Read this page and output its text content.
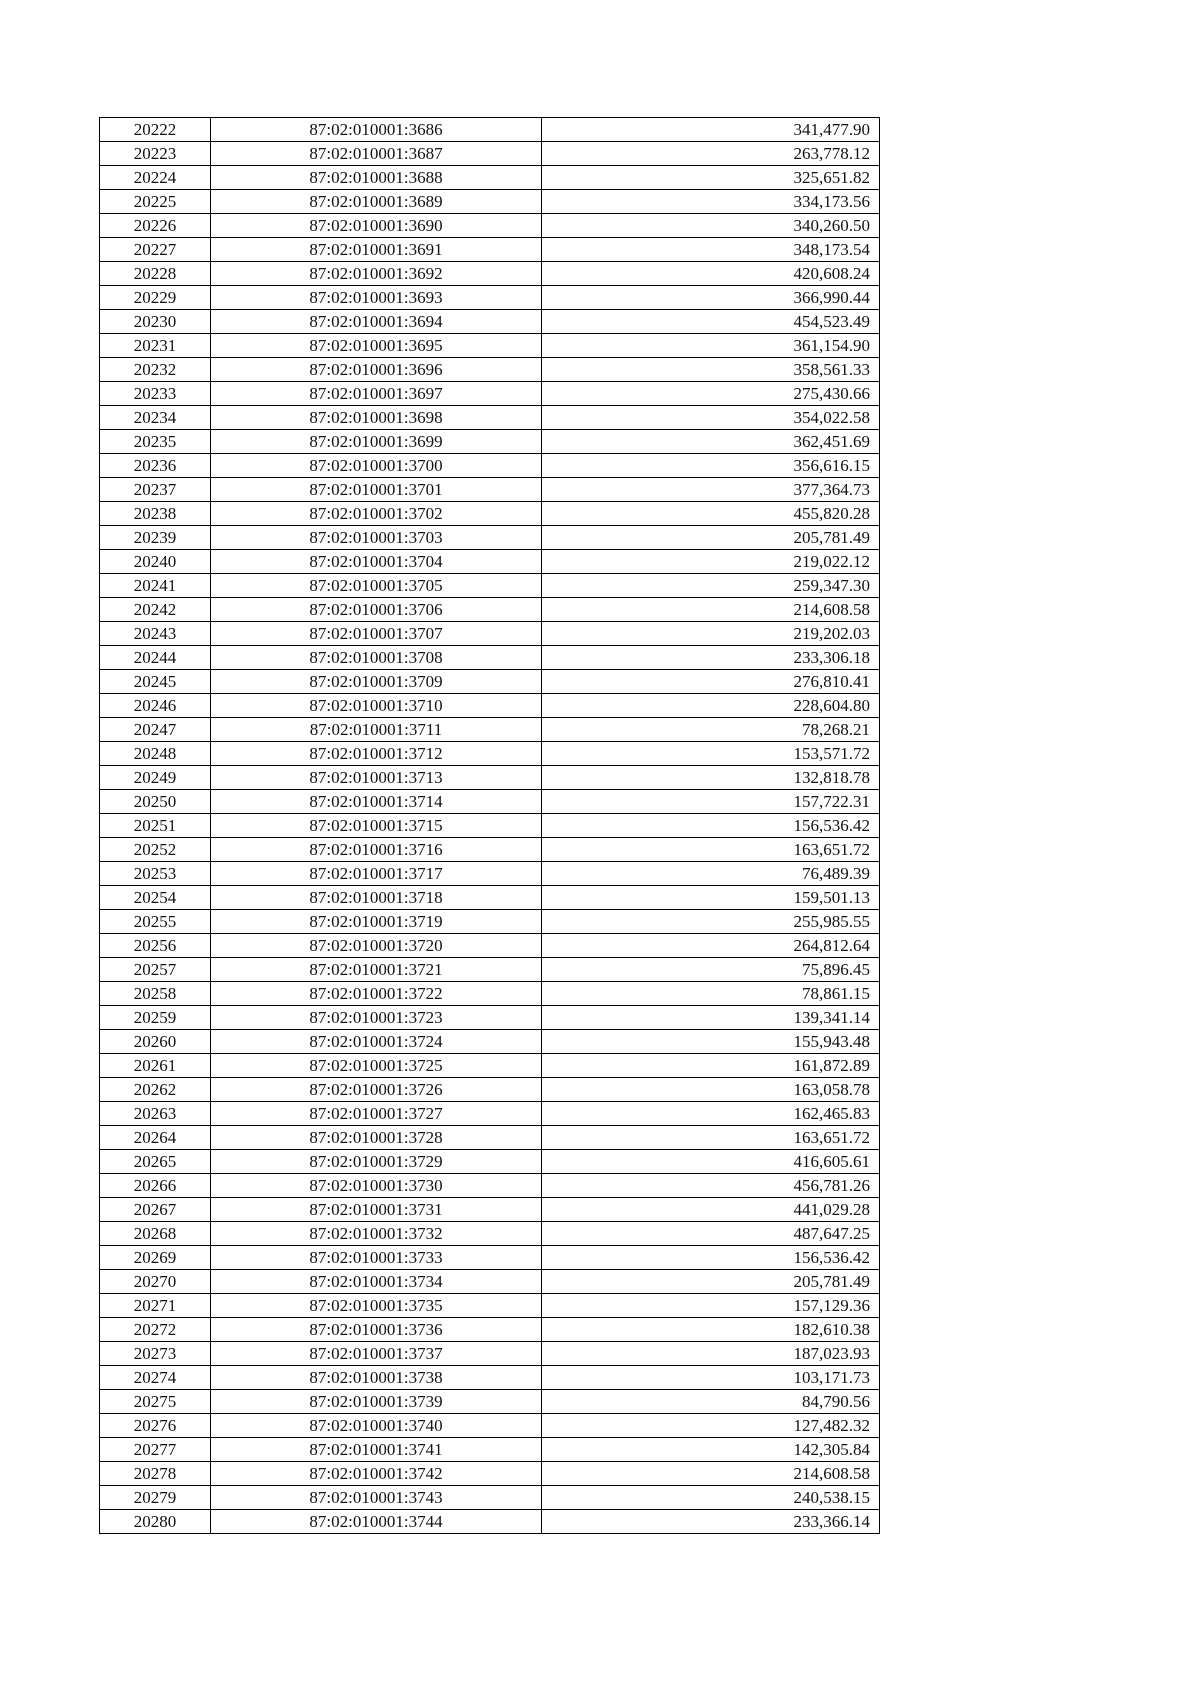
20222	87:02:010001:3686	341,477.90
20223	87:02:010001:3687	263,778.12
20224	87:02:010001:3688	325,651.82
20225	87:02:010001:3689	334,173.56
20226	87:02:010001:3690	340,260.50
20227	87:02:010001:3691	348,173.54
20228	87:02:010001:3692	420,608.24
20229	87:02:010001:3693	366,990.44
20230	87:02:010001:3694	454,523.49
20231	87:02:010001:3695	361,154.90
20232	87:02:010001:3696	358,561.33
20233	87:02:010001:3697	275,430.66
20234	87:02:010001:3698	354,022.58
20235	87:02:010001:3699	362,451.69
20236	87:02:010001:3700	356,616.15
20237	87:02:010001:3701	377,364.73
20238	87:02:010001:3702	455,820.28
20239	87:02:010001:3703	205,781.49
20240	87:02:010001:3704	219,022.12
20241	87:02:010001:3705	259,347.30
20242	87:02:010001:3706	214,608.58
20243	87:02:010001:3707	219,202.03
20244	87:02:010001:3708	233,306.18
20245	87:02:010001:3709	276,810.41
20246	87:02:010001:3710	228,604.80
20247	87:02:010001:3711	78,268.21
20248	87:02:010001:3712	153,571.72
20249	87:02:010001:3713	132,818.78
20250	87:02:010001:3714	157,722.31
20251	87:02:010001:3715	156,536.42
20252	87:02:010001:3716	163,651.72
20253	87:02:010001:3717	76,489.39
20254	87:02:010001:3718	159,501.13
20255	87:02:010001:3719	255,985.55
20256	87:02:010001:3720	264,812.64
20257	87:02:010001:3721	75,896.45
20258	87:02:010001:3722	78,861.15
20259	87:02:010001:3723	139,341.14
20260	87:02:010001:3724	155,943.48
20261	87:02:010001:3725	161,872.89
20262	87:02:010001:3726	163,058.78
20263	87:02:010001:3727	162,465.83
20264	87:02:010001:3728	163,651.72
20265	87:02:010001:3729	416,605.61
20266	87:02:010001:3730	456,781.26
20267	87:02:010001:3731	441,029.28
20268	87:02:010001:3732	487,647.25
20269	87:02:010001:3733	156,536.42
20270	87:02:010001:3734	205,781.49
20271	87:02:010001:3735	157,129.36
20272	87:02:010001:3736	182,610.38
20273	87:02:010001:3737	187,023.93
20274	87:02:010001:3738	103,171.73
20275	87:02:010001:3739	84,790.56
20276	87:02:010001:3740	127,482.32
20277	87:02:010001:3741	142,305.84
20278	87:02:010001:3742	214,608.58
20279	87:02:010001:3743	240,538.15
20280	87:02:010001:3744	233,366.14
